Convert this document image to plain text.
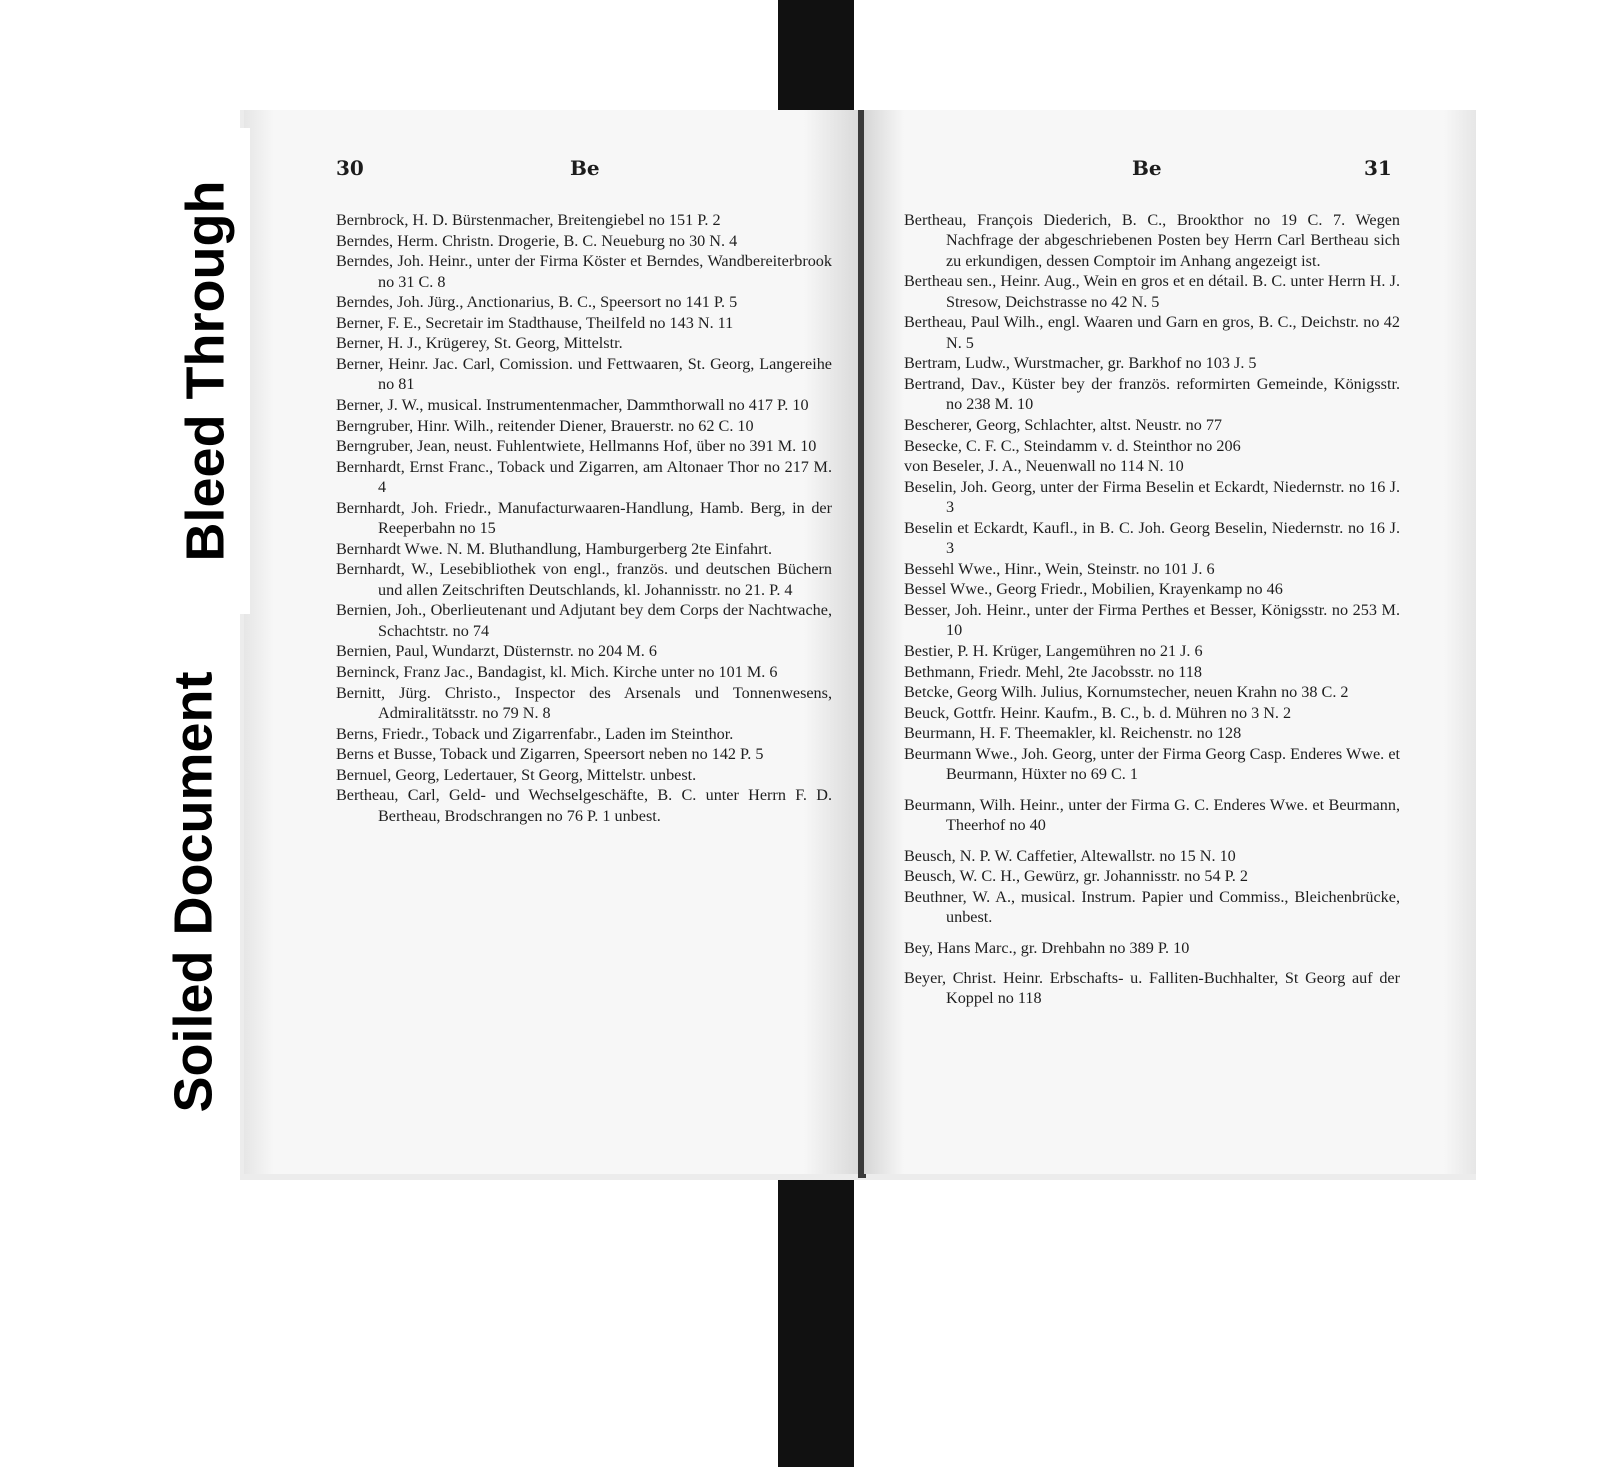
30	Be
Bernbrock, H. D. Bürstenmacher, Breitengiebel no 151 P. 2
Berndes, Herm. Christn. Drogerie, B. C. Neueburg no 30 N. 4
Berndes, Joh. Heinr., unter der Firma Köster et Berndes, Wandbereiterbrook no 31 C. 8
Berndes, Joh. Jürg., Anctionarius, B. C., Speersort no 141 P. 5
Berner, F. E., Secretair im Stadthause, Theilfeld no 143 N. 11
Berner, H. J., Krügerey, St. Georg, Mittelstr.
Berner, Heinr. Jac. Carl, Comission. und Fettwaaren, St. Georg, Langereihe no 81
Berner, J. W., musical. Instrumentenmacher, Dammthorwall no 417 P. 10
Berngruber, Hinr. Wilh., reitender Diener, Brauerstr. no 62 C. 10
Berngruber, Jean, neust. Fuhlentwiete, Hellmanns Hof, über no 391 M. 10
Bernhardt, Ernst Franc., Toback und Zigarren, am Altonaer Thor no 217 M. 4
Bernhardt, Joh. Friedr., Manufacturwaaren-Handlung, Hamb. Berg, in der Reeperbahn no 15
Bernhardt Wwe. N. M. Bluthandlung, Hamburgerberg 2te Einfahrt.
Bernhardt, W., Lesebibliothek von engl., französ. und deutschen Büchern und allen Zeitschriften Deutschlands, kl. Johannisstr. no 21. P. 4
Bernien, Joh., Oberlieutenant und Adjutant bey dem Corps der Nachtwache, Schachtstr. no 74
Bernien, Paul, Wundarzt, Düsternstr. no 204 M. 6
Berninck, Franz Jac., Bandagist, kl. Mich. Kirche unter no 101 M. 6
Bernitt, Jürg. Christo., Inspector des Arsenals und Tonnenwesens, Admiralitätsstr. no 79 N. 8
Berns, Friedr., Toback und Zigarrenfabr., Laden im Steinthor.
Berns et Busse, Toback und Zigarren, Speersort neben no 142 P. 5
Bernuel, Georg, Ledertauer, St Georg, Mittelstr. unbest.
Bertheau, Carl, Geld- und Wechselgeschäfte, B. C. unter Herrn F. D. Bertheau, Brodschrangen no 76 P. 1 unbest.
Be	31
Bertheau, François Diederich, B. C., Brookthor no 19 C. 7. Wegen Nachfrage der abgeschriebenen Posten bey Herrn Carl Bertheau sich zu erkundigen, dessen Comptoir im Anhang angezeigt ist.
Bertheau sen., Heinr. Aug., Wein en gros et en détail. B. C. unter Herrn H. J. Stresow, Deichstrasse no 42 N. 5
Bertheau, Paul Wilh., engl. Waaren und Garn en gros, B. C., Deichstr. no 42 N. 5
Bertram, Ludw., Wurstmacher, gr. Barkhof no 103 J. 5
Bertrand, Dav., Küster bey der französ. reformirten Gemeinde, Königsstr. no 238 M. 10
Bescherer, Georg, Schlachter, altst. Neustr. no 77
Besecke, C. F. C., Steindamm v. d. Steinthor no 206
von Beseler, J. A., Neuenwall no 114 N. 10
Beselin, Joh. Georg, unter der Firma Beselin et Eckardt, Niedernstr. no 16 J. 3
Beselin et Eckardt, Kaufl., in B. C. Joh. Georg Beselin, Niedernstr. no 16 J. 3
Bessehl Wwe., Hinr., Wein, Steinstr. no 101 J. 6
Bessel Wwe., Georg Friedr., Mobilien, Krayenkamp no 46
Besser, Joh. Heinr., unter der Firma Perthes et Besser, Königsstr. no 253 M. 10
Bestier, P. H. Krüger, Langemühren no 21 J. 6
Bethmann, Friedr. Mehl, 2te Jacobsstr. no 118
Betcke, Georg Wilh. Julius, Kornumstecher, neuen Krahn no 38 C. 2
Beuck, Gottfr. Heinr. Kaufm., B. C., b. d. Mühren no 3 N. 2
Beurmann, H. F. Theemakler, kl. Reichenstr. no 128
Beurmann Wwe., Joh. Georg, unter der Firma Georg Casp. Enderes Wwe. et Beurmann, Hüxter no 69 C. 1
Beurmann, Wilh. Heinr., unter der Firma G. C. Enderes Wwe. et Beurmann, Theerhof no 40
Beusch, N. P. W. Caffetier, Altewallstr. no 15 N. 10
Beusch, W. C. H., Gewürz, gr. Johannisstr. no 54 P. 2
Beuthner, W. A., musical. Instrum. Papier und Commiss., Bleichenbrücke, unbest.
Bey, Hans Marc., gr. Drehbahn no 389 P. 10
Beyer, Christ. Heinr. Erbschafts- u. Falliten-Buchhalter, St Georg auf der Koppel no 118
Bleed Through
Soiled Document
